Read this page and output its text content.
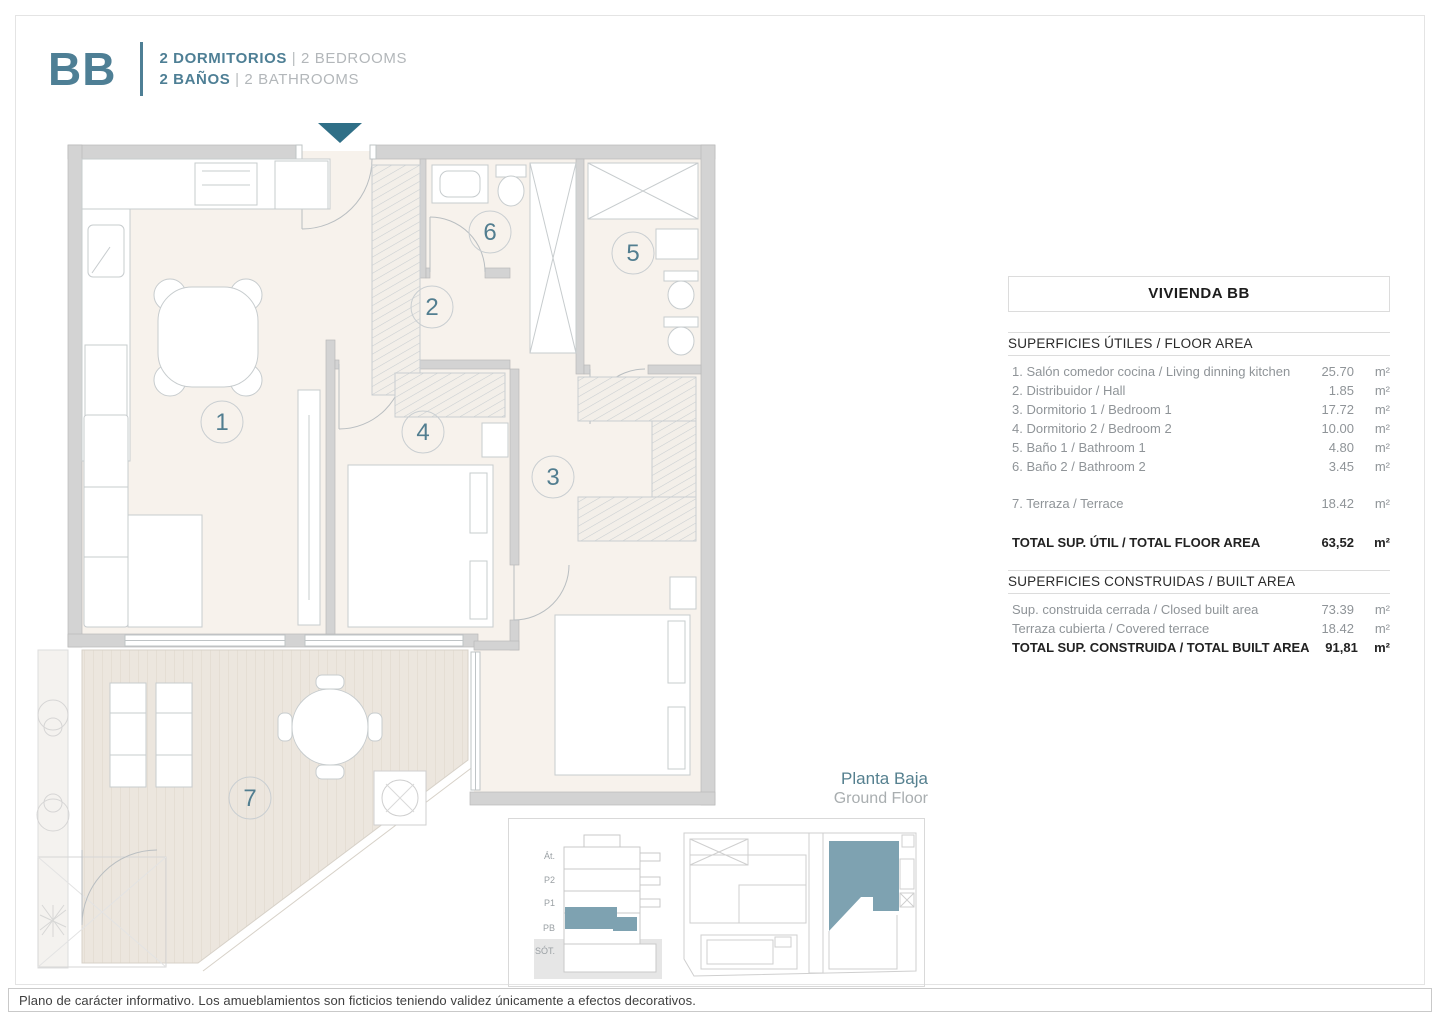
BB	2 DORMITORIOS | 2 BEDROOMS
2 BAÑOS | 2 BATHROOMS
1
2
3
4
5
6
7
VIVIENDA BB
SUPERFICIES ÚTILES / FLOOR AREA
1. Salón comedor cocina / Living dinning kitchen	25.70	m²
2. Distribuidor / Hall	1.85	m²
3. Dormitorio 1 / Bedroom 1	17.72	m²
4. Dormitorio 2 / Bedroom 2	10.00	m²
5. Baño 1 / Bathroom 1	4.80	m²
6. Baño 2 / Bathroom 2	3.45	m²
7. Terraza / Terrace	18.42	m²
TOTAL SUP. ÚTIL / TOTAL FLOOR AREA	63,52	m²
SUPERFICIES CONSTRUIDAS / BUILT AREA
Sup. construida cerrada / Closed built area	73.39	m²
Terraza cubierta / Covered terrace	18.42	m²
TOTAL SUP. CONSTRUIDA / TOTAL BUILT AREA	91,81	m²
Planta Baja
Ground Floor
Át.
P2
P1
PB
SÓT.
Plano de carácter informativo. Los amueblamientos son ficticios teniendo validez únicamente a efectos decorativos.
